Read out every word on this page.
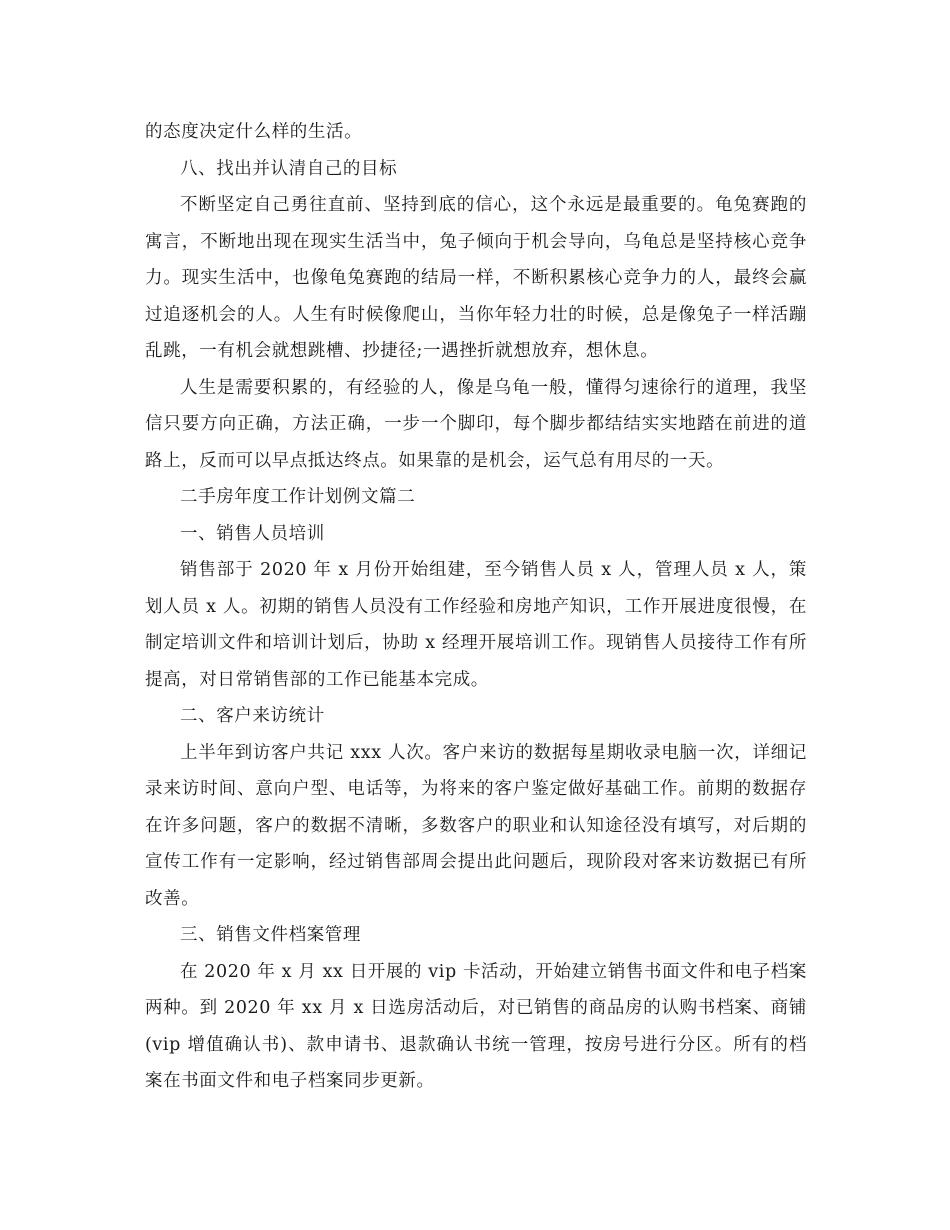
的态度决定什么样的生活。

八、找出并认清自己的目标

不断坚定自己勇往直前、坚持到底的信心，这个永远是最重要的。龟兔赛跑的寓言，不断地出现在现实生活当中，兔子倾向于机会导向，乌龟总是坚持核心竞争力。现实生活中，也像龟兔赛跑的结局一样，不断积累核心竞争力的人，最终会赢过追逐机会的人。人生有时候像爬山，当你年轻力壮的时候，总是像兔子一样活蹦乱跳，一有机会就想跳槽、抄捷径;一遇挫折就想放弃，想休息。

人生是需要积累的，有经验的人，像是乌龟一般，懂得匀速徐行的道理，我坚信只要方向正确，方法正确，一步一个脚印，每个脚步都结结实实地踏在前进的道路上，反而可以早点抵达终点。如果靠的是机会，运气总有用尽的一天。

二手房年度工作计划例文篇二

一、销售人员培训

销售部于 2020 年 x 月份开始组建，至今销售人员 x 人，管理人员 x 人，策划人员 x 人。初期的销售人员没有工作经验和房地产知识，工作开展进度很慢，在制定培训文件和培训计划后，协助 x 经理开展培训工作。现销售人员接待工作有所提高，对日常销售部的工作已能基本完成。

二、客户来访统计

上半年到访客户共记 xxx 人次。客户来访的数据每星期收录电脑一次，详细记录来访时间、意向户型、电话等，为将来的客户鉴定做好基础工作。前期的数据存在许多问题，客户的数据不清晰，多数客户的职业和认知途径没有填写，对后期的宣传工作有一定影响，经过销售部周会提出此问题后，现阶段对客来访数据已有所改善。

三、销售文件档案管理

在 2020 年 x 月 xx 日开展的 vip 卡活动，开始建立销售书面文件和电子档案两种。到 2020 年 xx 月 x 日选房活动后，对已销售的商品房的认购书档案、商铺(vip 增值确认书)、款申请书、退款确认书统一管理，按房号进行分区。所有的档案在书面文件和电子档案同步更新。
